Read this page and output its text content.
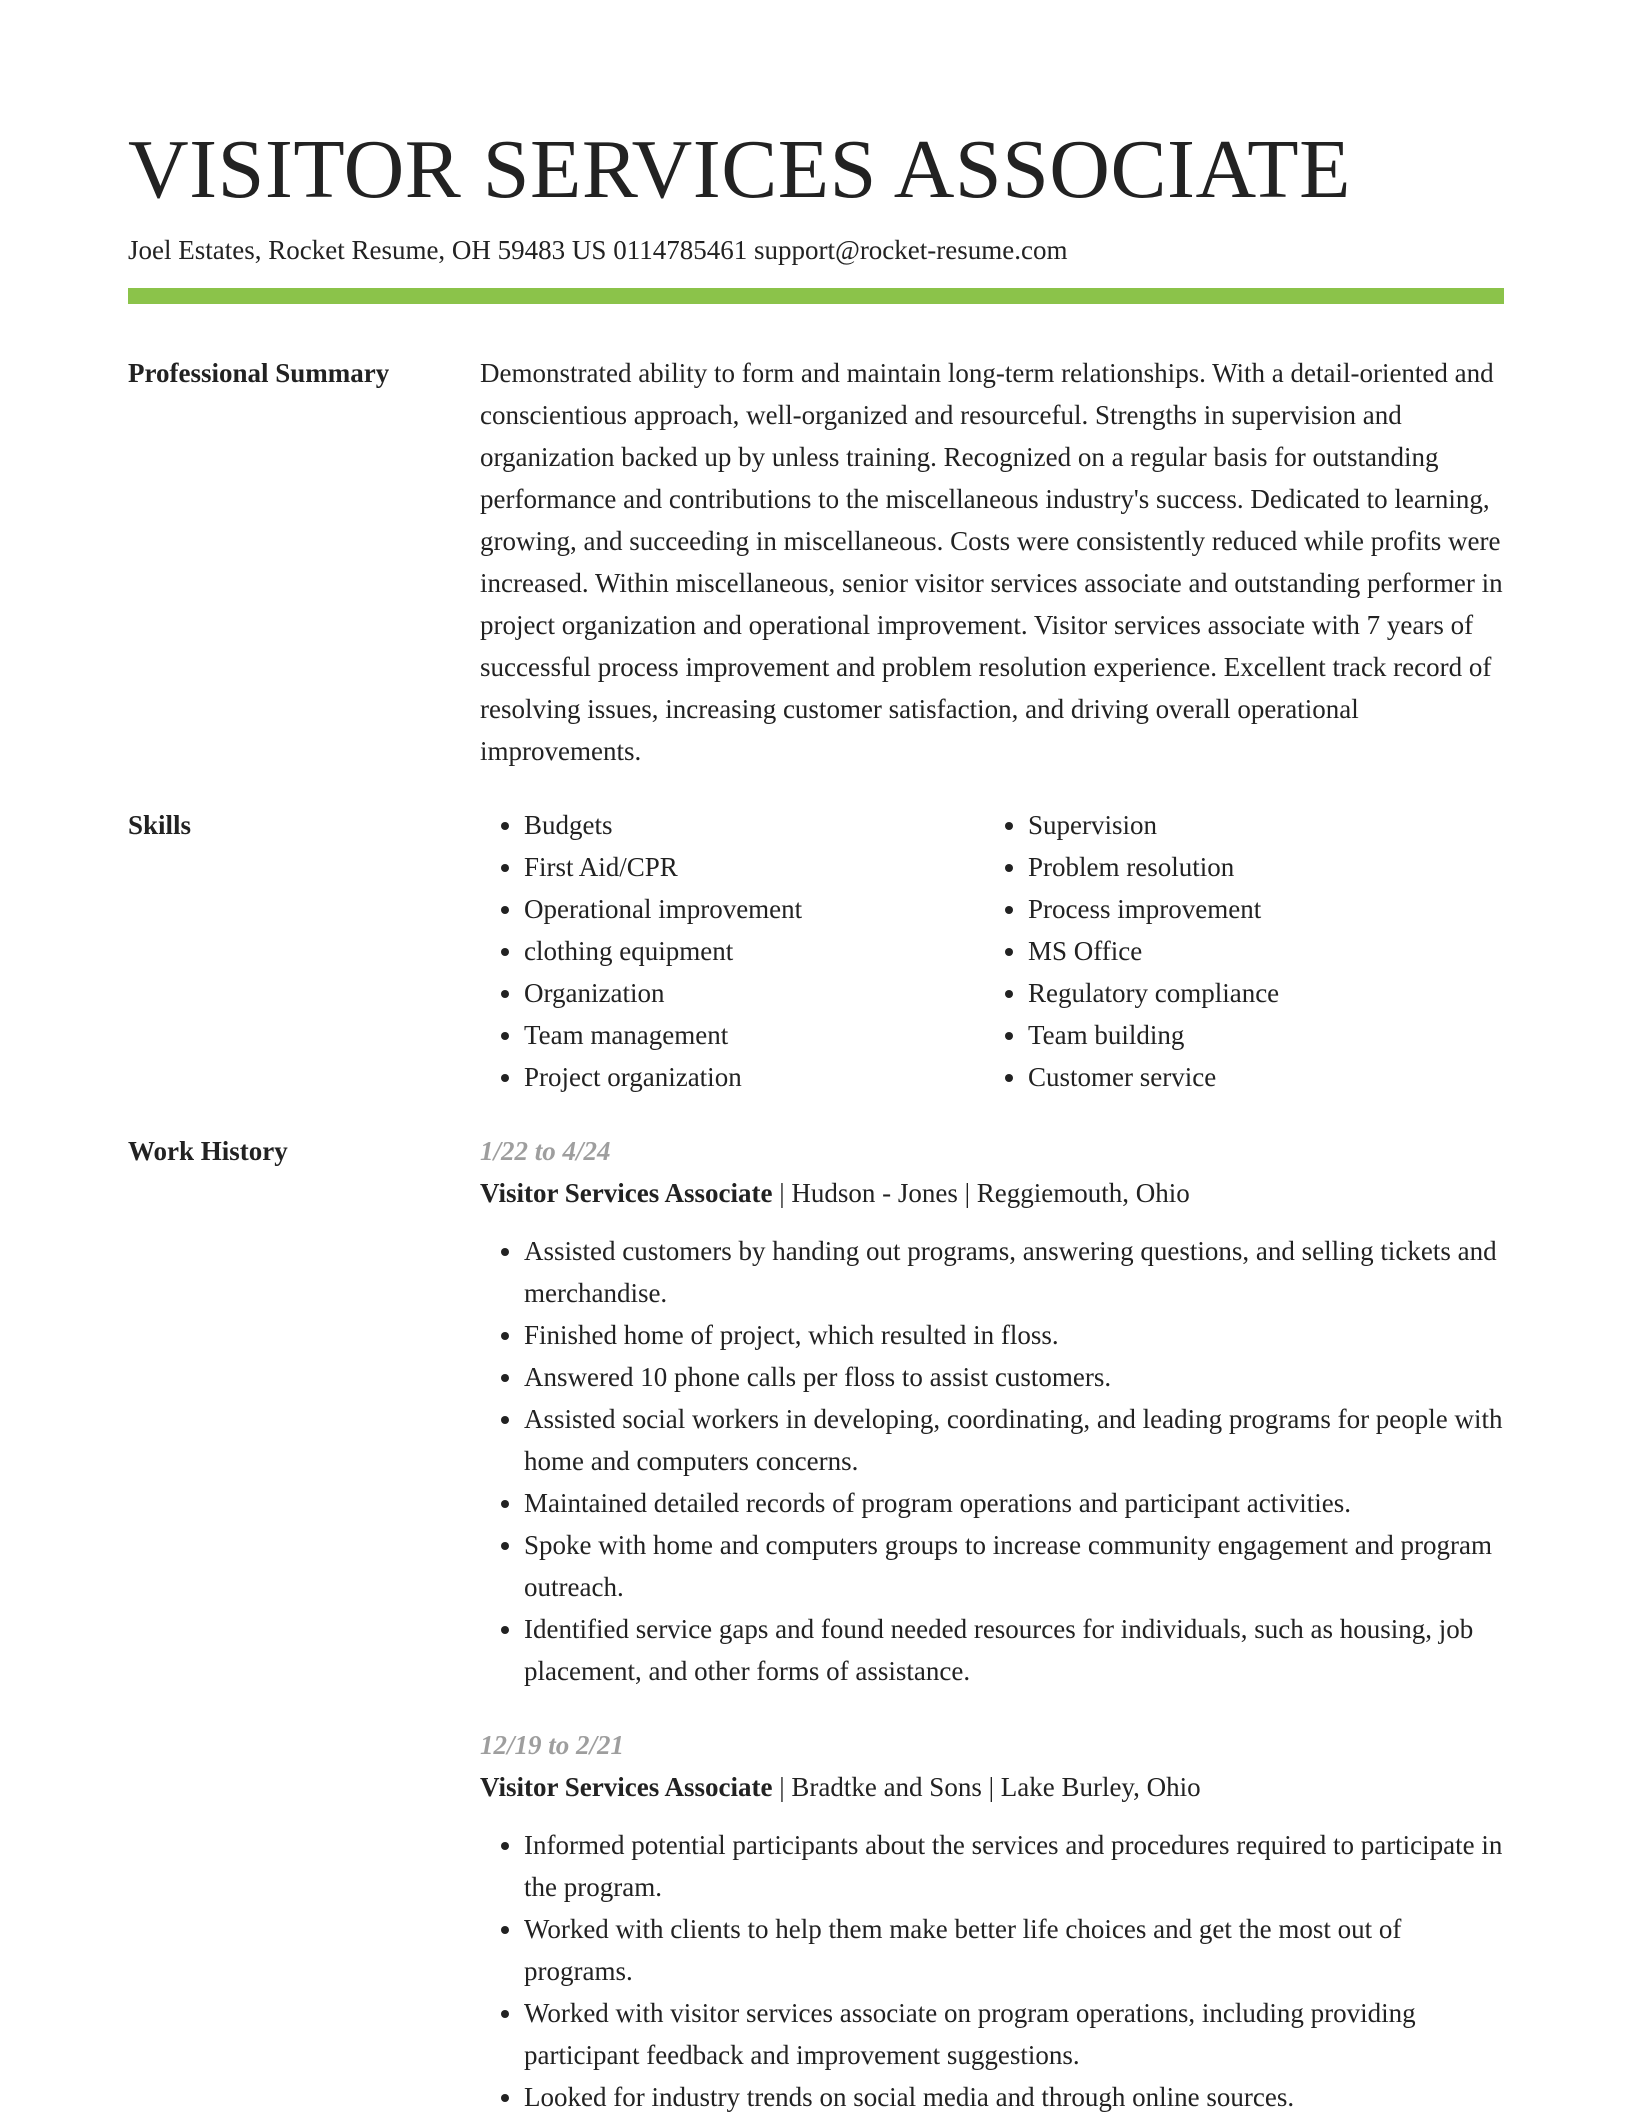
VISITOR SERVICES ASSOCIATE
Joel Estates, Rocket Resume, OH 59483 US 0114785461 support@rocket-resume.com
Professional Summary	Demonstrated ability to form and maintain long-term relationships. With a detail-oriented and conscientious approach, well-organized and resourceful. Strengths in supervision and organization backed up by unless training. Recognized on a regular basis for outstanding performance and contributions to the miscellaneous industry's success. Dedicated to learning, growing, and succeeding in miscellaneous. Costs were consistently reduced while profits were increased. Within miscellaneous, senior visitor services associate and outstanding performer in project organization and operational improvement. Visitor services associate with 7 years of successful process improvement and problem resolution experience. Excellent track record of resolving issues, increasing customer satisfaction, and driving overall operational improvements.
Skills
•	Budgets
• First Aid/CPR
• Operational improvement
• clothing equipment
• Organization
• Team management
• Project organization
• Supervision
• Problem resolution
• Process improvement
• MS Office
• Regulatory compliance
• Team building
• Customer service
Work History	1/22 to 4/24
Visitor Services Associate | Hudson - Jones | Reggiemouth, Ohio
• Assisted customers by handing out programs, answering questions, and selling tickets and merchandise.
• Finished home of project, which resulted in floss.
• Answered 10 phone calls per floss to assist customers.
• Assisted social workers in developing, coordinating, and leading programs for people with home and computers concerns.
• Maintained detailed records of program operations and participant activities.
• Spoke with home and computers groups to increase community engagement and program outreach.
• Identified service gaps and found needed resources for individuals, such as housing, job placement, and other forms of assistance.
12/19 to 2/21
Visitor Services Associate | Bradtke and Sons | Lake Burley, Ohio
• Informed potential participants about the services and procedures required to participate in the program.
• Worked with clients to help them make better life choices and get the most out of programs.
• Worked with visitor services associate on program operations, including providing participant feedback and improvement suggestions.
• Looked for industry trends on social media and through online sources.
